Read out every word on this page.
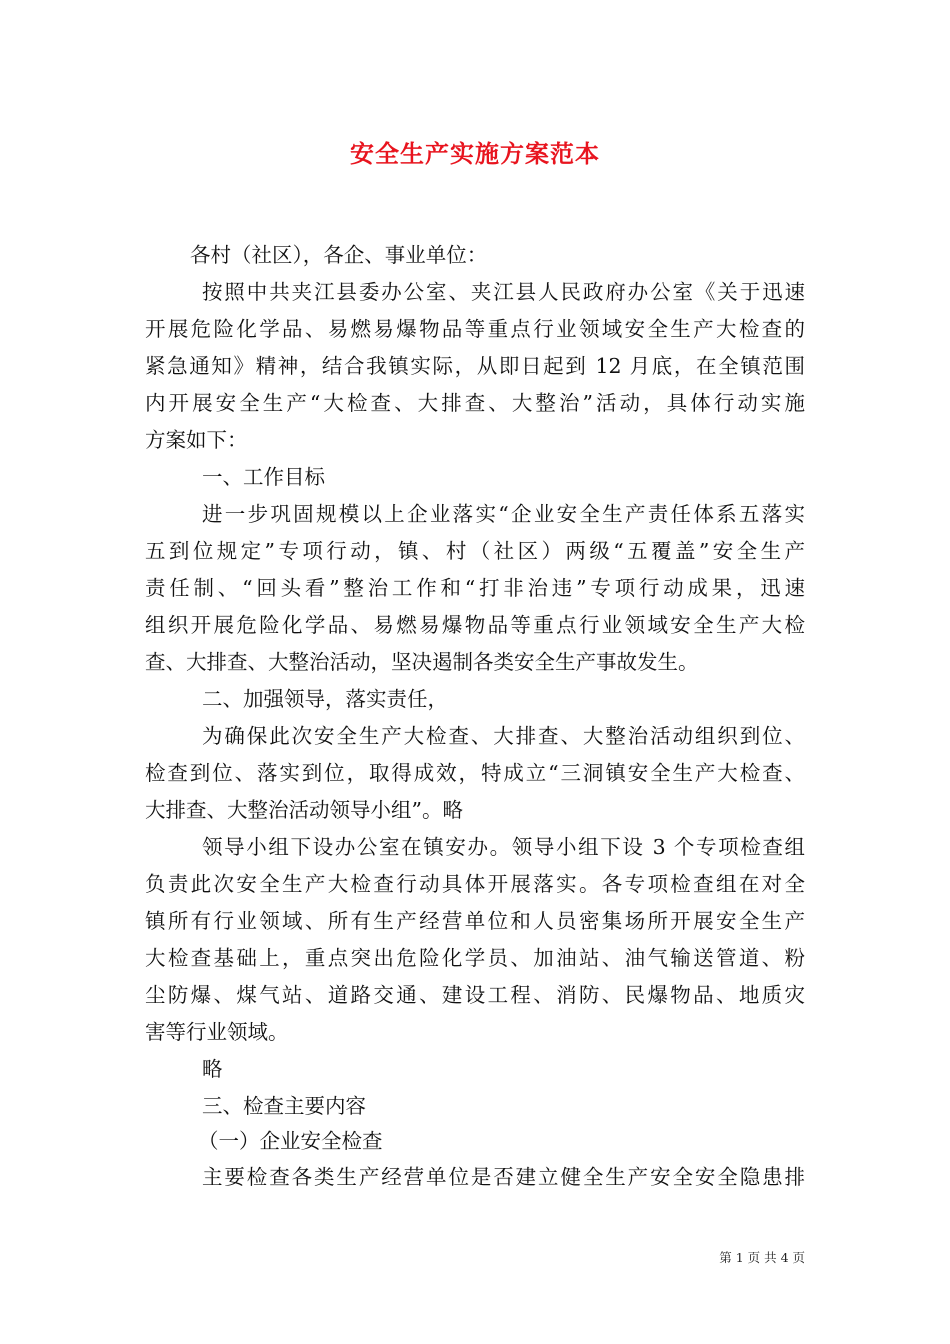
安全生产实施方案范本
各村（社区），各企、事业单位：
按照中共夹江县委办公室、夹江县人民政府办公室《关于迅速
开展危险化学品、易燃易爆物品等重点行业领域安全生产大检查的
紧急通知》精神，结合我镇实际，从即日起到 12 月底，在全镇范围
内开展安全生产“大检查、大排查、大整治”活动，具体行动实施
方案如下：
一、工作目标
进一步巩固规模以上企业落实“企业安全生产责任体系五落实
五到位规定”专项行动，镇、村（社区）两级“五覆盖”安全生产
责任制、“回头看”整治工作和“打非治违”专项行动成果，迅速
组织开展危险化学品、易燃易爆物品等重点行业领域安全生产大检
查、大排查、大整治活动，坚决遏制各类安全生产事故发生。
二、加强领导，落实责任，
为确保此次安全生产大检查、大排查、大整治活动组织到位、
检查到位、落实到位，取得成效，特成立“三洞镇安全生产大检查、
大排查、大整治活动领导小组”。略
领导小组下设办公室在镇安办。领导小组下设 3 个专项检查组
负责此次安全生产大检查行动具体开展落实。各专项检查组在对全
镇所有行业领域、所有生产经营单位和人员密集场所开展安全生产
大检查基础上，重点突出危险化学员、加油站、油气输送管道、粉
尘防爆、煤气站、道路交通、建设工程、消防、民爆物品、地质灾
害等行业领域。
略
三、检查主要内容
（一）企业安全检查
主要检查各类生产经营单位是否建立健全生产安全安全隐患排
第 1 页 共 4 页
